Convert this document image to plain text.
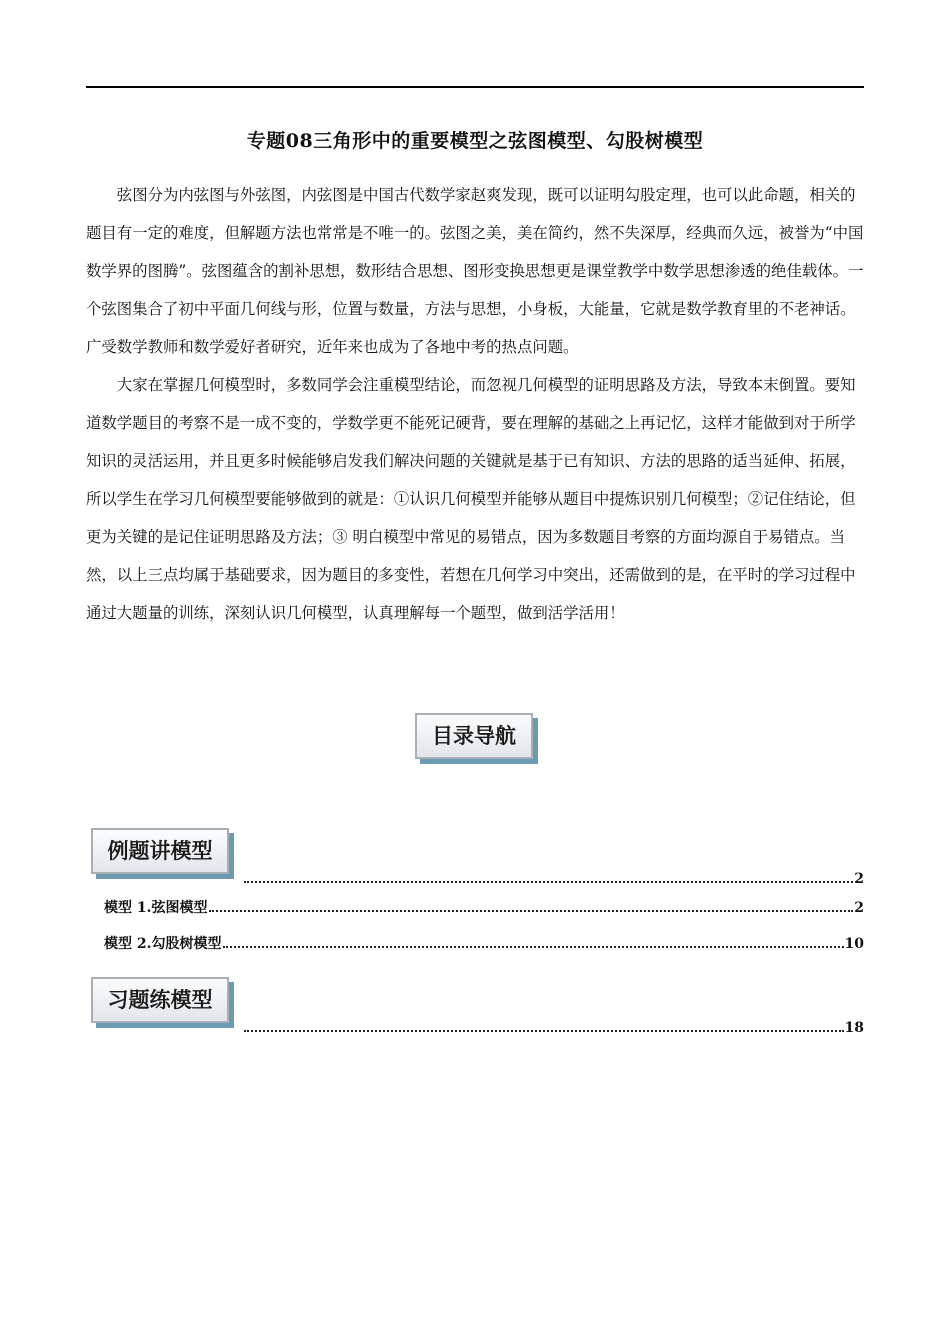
专题08三角形中的重要模型之弦图模型、勾股树模型

弦图分为内弦图与外弦图，内弦图是中国古代数学家赵爽发现，既可以证明勾股定理，也可以此命题，相关的题目有一定的难度，但解题方法也常常是不唯一的。弦图之美，美在简约，然不失深厚，经典而久远，被誉为“中国数学界的图腾”。弦图蕴含的割补思想，数形结合思想、图形变换思想更是课堂教学中数学思想渗透的绝佳载体。一个弦图集合了初中平面几何线与形，位置与数量，方法与思想，小身板，大能量，它就是数学教育里的不老神话。广受数学教师和数学爱好者研究，近年来也成为了各地中考的热点问题。

大家在掌握几何模型时，多数同学会注重模型结论，而忽视几何模型的证明思路及方法，导致本末倒置。要知道数学题目的考察不是一成不变的，学数学更不能死记硬背，要在理解的基础之上再记忆，这样才能做到对于所学知识的灵活运用，并且更多时候能够启发我们解决问题的关键就是基于已有知识、方法的思路的适当延伸、拓展，所以学生在学习几何模型要能够做到的就是：①认识几何模型并能够从题目中提炼识别几何模型；②记住结论，但更为关键的是记住证明思路及方法；③ 明白模型中常见的易错点，因为多数题目考察的方面均源自于易错点。当然，以上三点均属于基础要求，因为题目的多变性，若想在几何学习中突出，还需做到的是，在平时的学习过程中通过大题量的训练，深刻认识几何模型，认真理解每一个题型，做到活学活用！

目录导航
例题讲模型
2
模型 1.弦图模型	2
模型 2.勾股树模型	10
习题练模型
18
